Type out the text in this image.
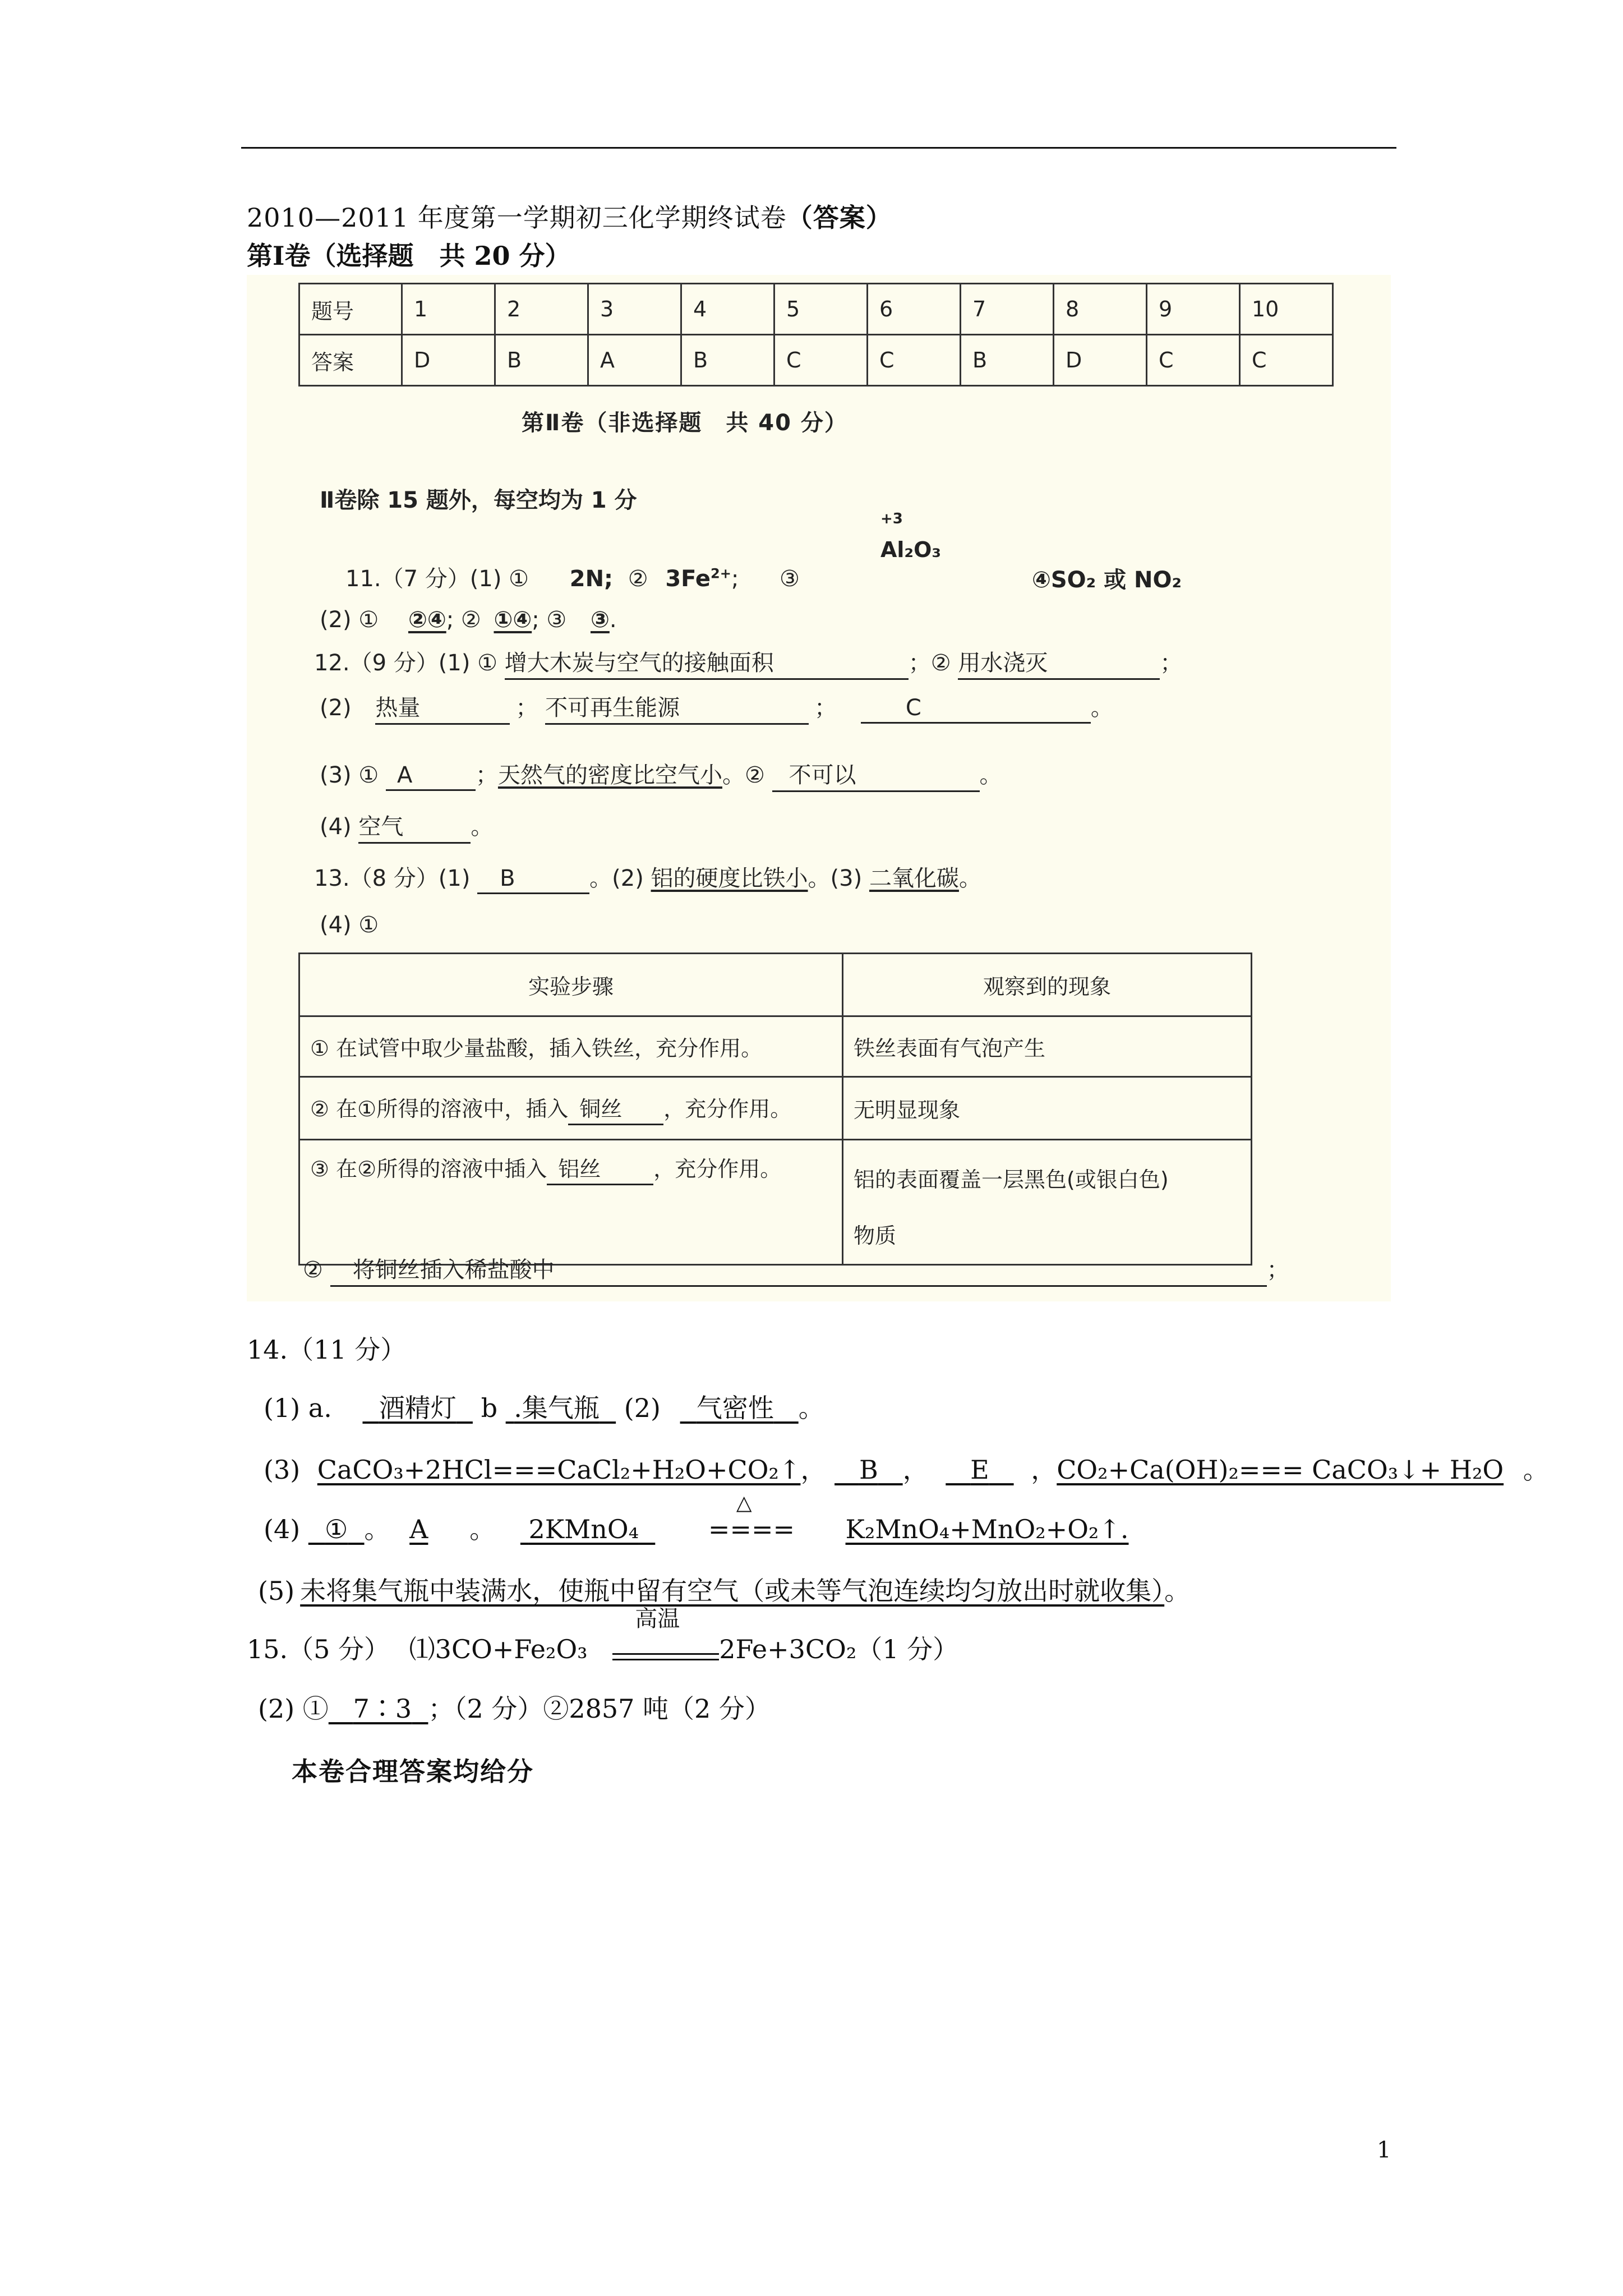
2010—2011 年度第一学期初三化学期终试卷（答案）
第Ⅰ卷（选择题　共 20 分）
题号	1	2	3	4	5	6	7	8	9	10
答案	D	B	A	B	C	C	B	D	C	C
第Ⅱ卷（非选择题　共 40 分）
Ⅱ卷除 15 题外，每空均为 1 分
11.（7 分）(1) ① 2N; ② $3Fe^{2+}$; ③
+3
Al₂O₃
④SO₂ 或 NO₂
(2) ① ②④; ② ①④; ③ ③.
12.（9 分）(1) ① 增大木炭与空气的接触面积	；② 用水浇灭	；
(2) 热量	； 不可再生能源	；	C	。
(3) ① A	；天然气的密度比空气小。② 不可以	。
(4) 空气	。
13.（8 分）(1) B	。(2) 铝的硬度比铁小。(3) 二氧化碳。
(4) ①
实验步骤	观察到的现象
① 在试管中取少量盐酸，插入铁丝，充分作用。	铁丝表面有气泡产生
② 在①所得的溶液中，插入 铜丝 ，充分作用。	无明显现象
③ 在②所得的溶液中插入 铝丝 ，充分作用。	铝的表面覆盖一层黑色(或银白色)
物质
② 将铜丝插入稀盐酸中	；
14.（11 分）
(1) a. 酒精灯 b .集气瓶 (2) 气密性 。
(3) CaCO₃+2HCl===CaCl₂+H₂O+CO₂↑， B ， E ，CO₂+Ca(OH)₂=== CaCO₃↓+ H₂O 。
(4) ① 。 A 。 2KMnO₄
△
==== K₂MnO₄+MnO₂+O₂↑.
(5) 未将集气瓶中装满水，使瓶中留有空气（或未等气泡连续均匀放出时就收集）。
15.（5 分） ⑴3CO+Fe₂O₃
高温
2Fe+3CO₂（1 分）
(2) ① 7∶3 ；（2 分）②2857 吨（2 分）
本卷合理答案均给分
1
